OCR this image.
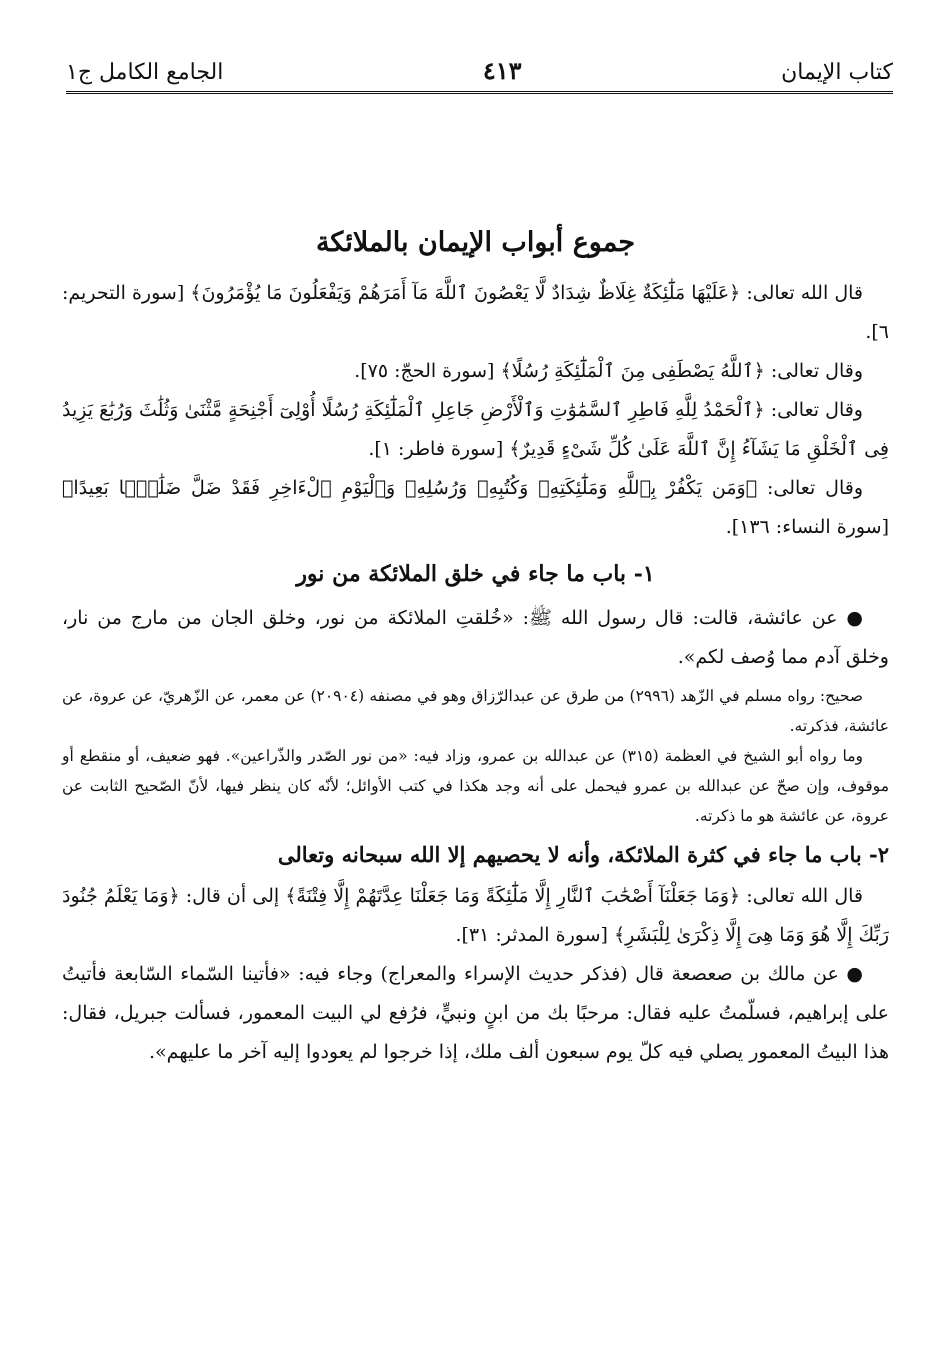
كتاب الإيمان
٤١٣
الجامع الكامل ج١
جموع أبواب الإيمان بالملائكة

قال الله تعالى: ﴿عَلَيْهَا مَلَٰٓئِكَةٌ غِلَاظٌ شِدَادٌ لَّا يَعْصُونَ ٱللَّهَ مَآ أَمَرَهُمْ وَيَفْعَلُونَ مَا يُؤْمَرُونَ﴾ [سورة التحريم: ٦].

وقال تعالى: ﴿ٱللَّهُ يَصْطَفِى مِنَ ٱلْمَلَٰٓئِكَةِ رُسُلًا﴾ [سورة الحجّ: ٧٥].

وقال تعالى: ﴿ٱلْحَمْدُ لِلَّهِ فَاطِرِ ٱلسَّمَٰوَٰتِ وَٱلْأَرْضِ جَاعِلِ ٱلْمَلَٰٓئِكَةِ رُسُلًا أُوْلِىٓ أَجْنِحَةٍ مَّثْنَىٰ وَثُلَٰثَ وَرُبَٰعَ يَزِيدُ فِى ٱلْخَلْقِ مَا يَشَآءُ إِنَّ ٱللَّهَ عَلَىٰ كُلِّ شَىْءٍ قَدِيرٌ﴾ [سورة فاطر: ١].

وقال تعالى: ﴿وَمَن يَكْفُرْ بِٱللَّهِ وَمَلَٰٓئِكَتِهِۦ وَكُتُبِهِۦ وَرُسُلِهِۦ وَٱلْيَوْمِ ٱلْءَاخِرِ فَقَدْ ضَلَّ ضَلَٰلًۢا بَعِيدًا﴾ [سورة النساء: ١٣٦].

١- باب ما جاء في خلق الملائكة من نور

● عن عائشة، قالت: قال رسول الله ﷺ: «خُلقتِ الملائكة من نور، وخلق الجان من مارج من نار، وخلق آدم مما وُصف لكم».

صحيح: رواه مسلم في الزّهد (٢٩٩٦) من طرق عن عبدالرّزاق وهو في مصنفه (٢٠٩٠٤) عن معمر، عن الزّهريّ، عن عروة، عن عائشة، فذكرته.

وما رواه أبو الشيخ في العظمة (٣١٥) عن عبدالله بن عمرو، وزاد فيه: «من نور الصّدر والذّراعين». فهو ضعيف، أو منقطع أو موقوف، وإن صحّ عن عبدالله بن عمرو فيحمل على أنه وجد هكذا في كتب الأوائل؛ لأنّه كان ينظر فيها، لأنّ الصّحيح الثابت عن عروة، عن عائشة هو ما ذكرته.

٢- باب ما جاء في كثرة الملائكة، وأنه لا يحصيهم إلا الله سبحانه وتعالى

قال الله تعالى: ﴿وَمَا جَعَلْنَآ أَصْحَٰبَ ٱلنَّارِ إِلَّا مَلَٰٓئِكَةً وَمَا جَعَلْنَا عِدَّتَهُمْ إِلَّا فِتْنَةً﴾ إلى أن قال: ﴿وَمَا يَعْلَمُ جُنُودَ رَبِّكَ إِلَّا هُوَ وَمَا هِىَ إِلَّا ذِكْرَىٰ لِلْبَشَرِ﴾ [سورة المدثر: ٣١].

● عن مالك بن صعصعة قال (فذكر حديث الإسراء والمعراج) وجاء فيه: «فأتينا السّماء السّابعة فأتيتُ على إبراهيم، فسلّمتُ عليه فقال: مرحبًا بك من ابنٍ ونبيٍّ، فرُفع لي البيت المعمور، فسألت جبريل، فقال: هذا البيتُ المعمور يصلي فيه كلّ يوم سبعون ألف ملك، إذا خرجوا لم يعودوا إليه آخر ما عليهم».
